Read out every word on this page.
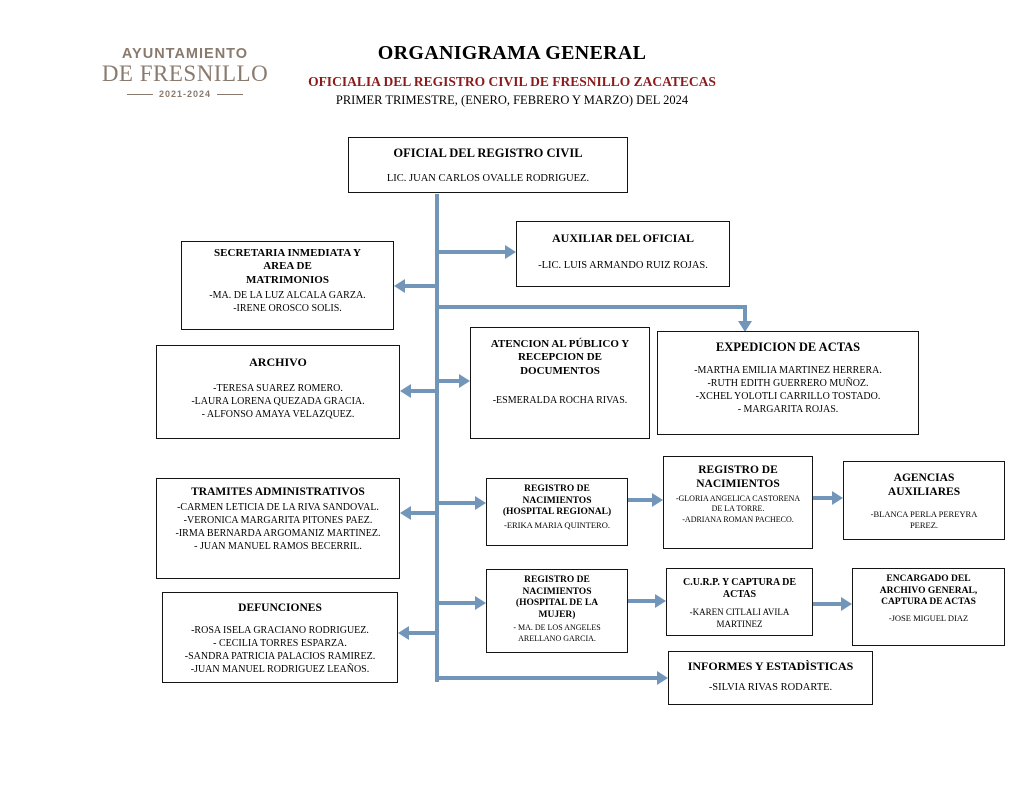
AYUNTAMIENTO
DE FRESNILLO
2021-2024
ORGANIGRAMA GENERAL
OFICIALIA DEL REGISTRO CIVIL DE FRESNILLO ZACATECAS
PRIMER TRIMESTRE, (ENERO, FEBRERO Y MARZO) DEL 2024
OFICIAL DEL REGISTRO CIVIL
LIC. JUAN CARLOS OVALLE RODRIGUEZ.
AUXILIAR DEL OFICIAL
-LIC. LUIS ARMANDO RUIZ ROJAS.
SECRETARIA INMEDIATA Y
AREA DE
MATRIMONIOS
-MA. DE LA LUZ ALCALA GARZA.
-IRENE OROSCO SOLIS.
ARCHIVO
-TERESA SUAREZ ROMERO.
-LAURA LORENA QUEZADA GRACIA.
- ALFONSO AMAYA VELAZQUEZ.
ATENCION AL PÚBLICO Y
RECEPCION DE
DOCUMENTOS
-ESMERALDA ROCHA RIVAS.
EXPEDICION DE ACTAS
-MARTHA EMILIA MARTINEZ HERRERA.
-RUTH EDITH GUERRERO MUÑOZ.
-XCHEL YOLOTLI CARRILLO TOSTADO.
- MARGARITA ROJAS.
TRAMITES ADMINISTRATIVOS
-CARMEN LETICIA DE LA RIVA SANDOVAL.
-VERONICA MARGARITA PITONES PAEZ.
-IRMA BERNARDA ARGOMANIZ MARTINEZ.
- JUAN MANUEL RAMOS BECERRIL.
REGISTRO DE
NACIMIENTOS
(HOSPITAL REGIONAL)
-ERIKA MARIA QUINTERO.
REGISTRO DE
NACIMIENTOS
-GLORIA ANGELICA CASTORENA DE LA TORRE.
-ADRIANA ROMAN PACHECO.
AGENCIAS
AUXILIARES
-BLANCA PERLA PEREYRA PEREZ.
DEFUNCIONES
-ROSA ISELA GRACIANO RODRIGUEZ.
- CECILIA TORRES ESPARZA.
-SANDRA PATRICIA PALACIOS RAMIREZ.
-JUAN MANUEL RODRIGUEZ LEAÑOS.
REGISTRO DE
NACIMIENTOS
(HOSPITAL DE LA
MUJER)
- MA. DE LOS ANGELES ARELLANO GARCIA.
C.U.R.P. Y CAPTURA DE
ACTAS
-KAREN CITLALI AVILA MARTINEZ
ENCARGADO DEL
ARCHIVO GENERAL,
CAPTURA DE ACTAS
-JOSE MIGUEL DIAZ
INFORMES Y ESTADÌSTICAS
-SILVIA RIVAS RODARTE.
